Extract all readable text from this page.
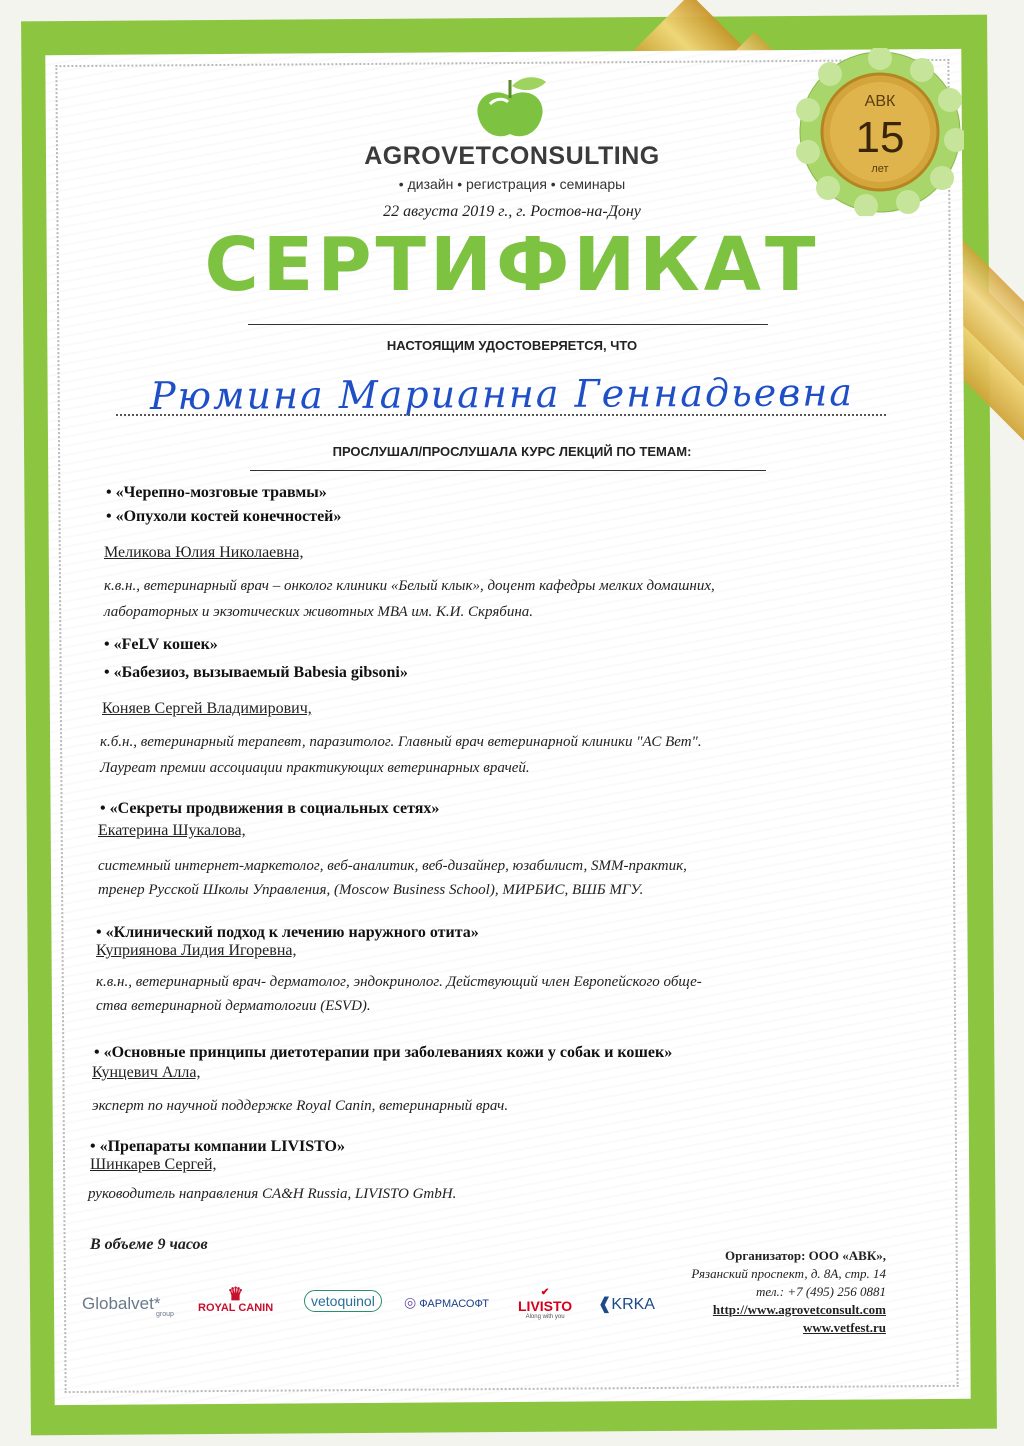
АВК
15
лет
AGROVETCONSULTING
• дизайн • регистрация • семинары
22 августа 2019 г., г. Ростов-на-Дону
СЕРТИФИКАТ
НАСТОЯЩИМ УДОСТОВЕРЯЕТСЯ, ЧТО
Рюмина Марианна Геннадьевна
ПРОСЛУШАЛ/ПРОСЛУШАЛА КУРС ЛЕКЦИЙ ПО ТЕМАМ:
• «Черепно-мозговые травмы»
• «Опухоли костей конечностей»
Меликова Юлия Николаевна,
к.в.н., ветеринарный врач – онколог клиники «Белый клык», доцент кафедры мелких домашних,
лабораторных и экзотических животных МВА им. К.И. Скрябина.
• «FeLV кошек»
• «Бабезиоз, вызываемый Babesia gibsoni»
Коняев Сергей Владимирович,
к.б.н., ветеринарный терапевт, паразитолог. Главный врач ветеринарной клиники "АС Вет".
Лауреат премии ассоциации практикующих ветеринарных врачей.
• «Секреты продвижения в социальных сетях»
Екатерина Шукалова,
системный интернет-маркетолог, веб-аналитик, веб-дизайнер, юзабилист, SMM-практик,
тренер Русской Школы Управления, (Moscow Business School), МИРБИС, ВШБ МГУ.
• «Клинический подход к лечению наружного отита»
Куприянова Лидия Игоревна,
к.в.н., ветеринарный врач- дерматолог, эндокринолог. Действующий член Европейского обще-
ства ветеринарной дерматологии (ESVD).
• «Основные принципы диетотерапии при заболеваниях кожи у собак и кошек»
Кунцевич Алла,
эксперт по научной поддержке Royal Canin, ветеринарный врач.
• «Препараты компании LIVISTO»
Шинкарев Сергей,
руководитель направления CA&H Russia, LIVISTO GmbH.
В объеме 9 часов
Организатор: ООО «АВК»,
Рязанский проспект, д. 8А, стр. 14
тел.: +7 (495) 256 0881
http://www.agrovetconsult.com
www.vetfest.ru
Globalvet*
group
♛
ROYAL CANIN	vetoquinol	◎ ФАРМАСОФТ
✔
LIVISTO
Along with you
❰KRKA
